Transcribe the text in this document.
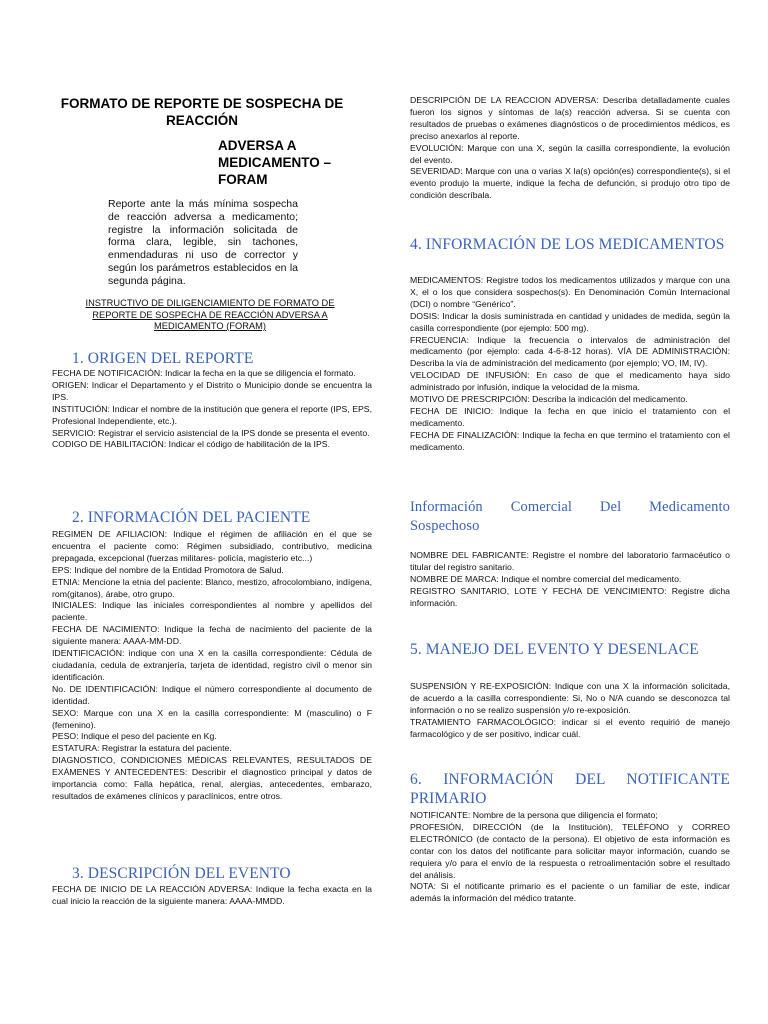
FORMATO DE REPORTE DE SOSPECHA DE REACCIÓN
ADVERSA A MEDICAMENTO – FORAM
Reporte ante la más mínima sospecha de reacción adversa a medicamento; registre la información solicitada de forma clara, legible, sin tachones, enmendaduras ni uso de corrector y según los parámetros establecidos en la segunda página.
INSTRUCTIVO DE DILIGENCIAMIENTO DE FORMATO DE REPORTE DE SOSPECHA DE REACCIÓN ADVERSA A MEDICAMENTO (FORAM)
1. ORIGEN DEL REPORTE

FECHA DE NOTIFICACIÓN: Indicar la fecha en la que se diligencia el formato.

ORIGEN: Indicar el Departamento y el Distrito o Municipio donde se encuentra la IPS.

INSTITUCIÓN: Indicar el nombre de la institución que genera el reporte (IPS, EPS, Profesional Independiente, etc.).

SERVICIO: Registrar el servicio asistencial de la IPS donde se presenta el evento.

CODIGO DE HABILITACIÓN: Indicar el código de habilitación de la IPS.

2. INFORMACIÓN DEL PACIENTE

REGIMEN DE AFILIACION: Indique el régimen de afiliación en el que se encuentra el paciente como: Régimen subsidiado, contributivo, medicina prepagada, excepcional (fuerzas militares- policía, magisterio etc...)

EPS: Indique del nombre de la Entidad Promotora de Salud.

ETNIA: Mencione la etnia del paciente: Blanco, mestizo, afrocolombiano, indígena, rom(gitanos), árabe, otro grupo.

INICIALES: Indique las iniciales correspondientes al nombre y apellidos del paciente.

FECHA DE NACIMIENTO: Indique la fecha de nacimiento del paciente de la siguiente manera: AAAA-MM-DD.

IDENTIFICACIÓN: indique con una X en la casilla correspondiente: Cédula de ciudadanía, cedula de extranjería, tarjeta de identidad, registro civil o menor sin identificación.

No. DE IDENTIFICACIÓN: Indique el número correspondiente al documento de identidad.

SEXO: Marque con una X en la casilla correspondiente: M (masculino) o F (femenino).

PESO: Indique el peso del paciente en Kg.

ESTATURA: Registrar la estatura del paciente.

DIAGNOSTICO, CONDICIONES MÉDICAS RELEVANTES, RESULTADOS DE EXÁMENES Y ANTECEDENTES: Describir el diagnostico principal y datos de importancia como: Falla hepática, renal, alergias, antecedentes, embarazo, resultados de exámenes clínicos y paraclínicos, entre otros.

3. DESCRIPCIÓN DEL EVENTO

FECHA DE INICIO DE LA REACCIÓN ADVERSA: Indique la fecha exacta en la cual inicio la reacción de la siguiente manera: AAAA-MMDD.

DESCRIPCIÓN DE LA REACCION ADVERSA: Describa detalladamente cuales fueron los signos y síntomas de la(s) reacción adversa. Si se cuenta con resultados de pruebas o exámenes diagnósticos o de procedimientos médicos, es preciso anexarlos al reporte.

EVOLUCIÓN: Marque con una X, según la casilla correspondiente, la evolución del evento.

SEVERIDAD: Marque con una o varias X la(s) opción(es) correspondiente(s), si el evento produjo la muerte, indique la fecha de defunción, si produjo otro tipo de condición descríbala.

4. INFORMACIÓN DE LOS MEDICAMENTOS

MEDICAMENTOS: Registre todos los medicamentos utilizados y marque con una X, el o los que considera sospechos(s). En Denominación Común Internacional (DCI) o nombre “Genérico”.

DOSIS: Indicar la dosis suministrada en cantidad y unidades de medida, según la casilla correspondiente (por ejemplo: 500 mg).

FRECUENCIA: Indique la frecuencia o intervalos de administración del medicamento (por ejemplo: cada 4-6-8-12 horas). VÍA DE ADMINISTRACIÓN: Describa la vía de administración del medicamento (por ejemplo; VO, IM, IV).

VELOCIDAD DE INFUSIÓN: En caso de que el medicamento haya sido administrado por infusión, indique la velocidad de la misma.

MOTIVO DE PRESCRIPCIÓN: Describa la indicación del medicamento.

FECHA DE INICIO: Indique la fecha en que inicio el tratamiento con el medicamento.

FECHA DE FINALIZACIÓN: Indique la fecha en que termino el tratamiento con el medicamento.

Información Comercial Del Medicamento Sospechoso

NOMBRE DEL FABRICANTE: Registre el nombre del laboratorio farmacéutico o titular del registro sanitario.

NOMBRE DE MARCA: Indique el nombre comercial del medicamento.

REGISTRO SANITARIO, LOTE Y FECHA DE VENCIMIENTO: Registre dicha información.

5. MANEJO DEL EVENTO Y DESENLACE

SUSPENSIÓN Y RE-EXPOSICIÓN: Indique con una X la información solicitada, de acuerdo a la casilla correspondiente: Si, No o N/A cuando se desconozca tal información o no se realizo suspensión y/o re-exposición.

TRATAMIENTO FARMACOLÓGICO: indicar si el evento requirió de manejo farmacológico y de ser positivo, indicar cuál.

6. INFORMACIÓN DEL NOTIFICANTE PRIMARIO

NOTIFICANTE: Nombre de la persona que diligencia el formato;

PROFESIÓN, DIRECCIÓN (de la Institución), TELÉFONO y CORREO ELECTRÓNICO (de contacto de la persona). El objetivo de esta información es contar con los datos del notificante para solicitar mayor información, cuando se requiera y/o para el envío de la respuesta o retroalimentación sobre el resultado del análisis.

NOTA: Si el notificante primario es el paciente o un familiar de este, indicar además la información del médico tratante.
